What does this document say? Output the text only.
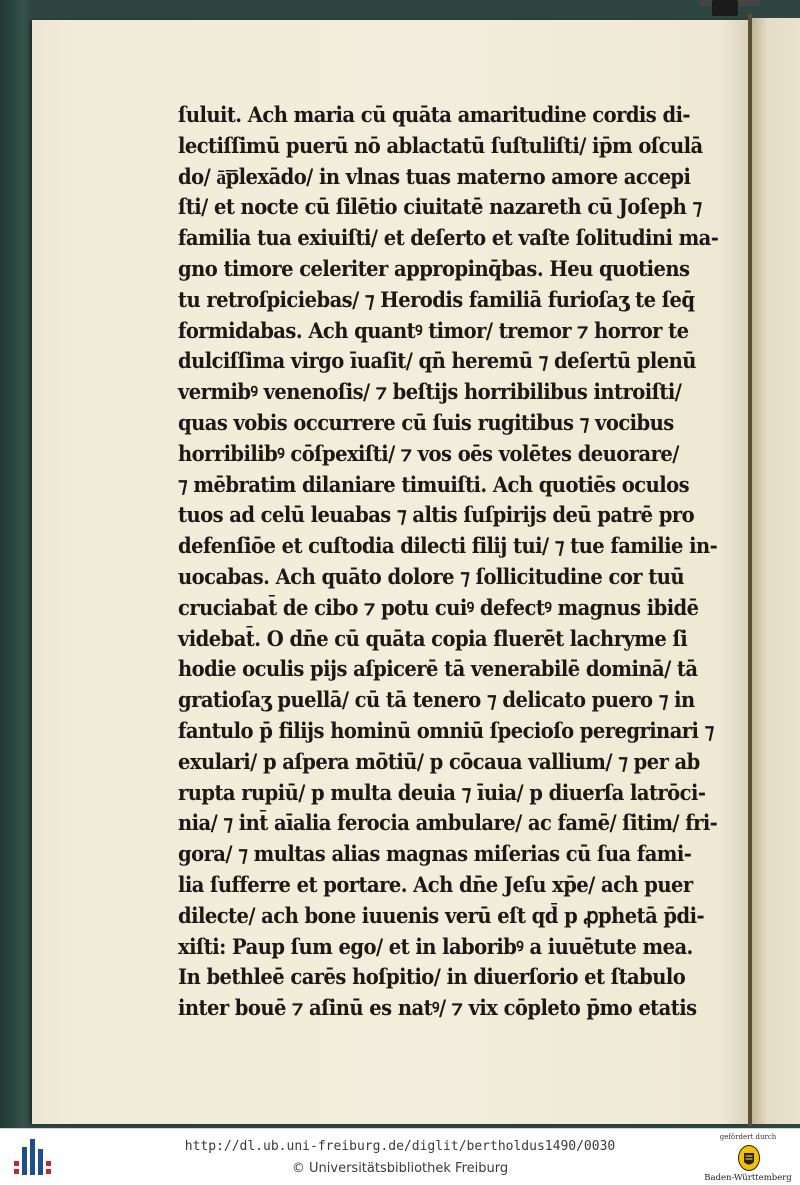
ſuluit. Ach maria cū quāta amaritudine cordis di-
lectiſſimū puerū nō ablactatū ſuſtuliſti/ ip̄m oſculā
do/ ā͞plexādo/ in vlnas tuas materno amore accepi
ſti/ et nocte cū ſilētio ciuitatē nazareth cū Joſeph ⁊
familia tua exiuiſti/ et deſerto et vaſte ſolitudini ma-
gno timore celeriter appropinq̄bas. Heu quotiens
tu retroſpiciebas/ ⁊ Herodis familiā furioſaʒ te ſeq̄
formidabas. Ach quantꝰ timor/ tremor ⁊ horror te
dulciſſima virgo īuaſit/ qn̄ heremū ⁊ deſertū plenū
vermibꝰ venenoſis/ ⁊ beſtijs horribilibus introiſti/
quas vobis occurrere cū ſuis rugitibus ⁊ vocibus
horribilibꝰ cōſpexiſti/ ⁊ vos oēs volētes deuorare/
⁊ mēbratim dilaniare timuiſti. Ach quotiēs oculos
tuos ad celū leuabas ⁊ altis ſuſpirijs deū patrē pro
defenſiōe et cuſtodia dilecti filij tui/ ⁊ tue familie in-
uocabas. Ach quāto dolore ⁊ ſollicitudine cor tuū
cruciabat̄ de cibo ⁊ potu cuiꝰ defectꝰ magnus ibidē
videbat̄. O dn̄e cū quāta copia fluerēt lachryme ſi
hodie oculis pijs aſpicerē tā venerabilē dominā/ tā
gratioſaʒ puellā/ cū tā tenero ⁊ delicato puero ⁊ in
fantulo p̄ filijs hominū omniū ſpecioſo peregrinari ⁊
exulari/ p aſpera mōtiū/ p cōcaua vallium/ ⁊ per ab
rupta rupiū/ p multa deuia ⁊ īuia/ p diuerſa latrōci-
nia/ ⁊ int̄ aīalia ferocia ambulare/ ac famē/ ſitim/ fri-
gora/ ⁊ multas alias magnas miſerias cū ſua fami-
lia ſufferre et portare. Ach dn̄e Jeſu xp̄e/ ach puer
dilecte/ ach bone iuuenis verū eſt qd̄ p ꝓphetā p̄di-
xiſti: Paup ſum ego/ et in laboribꝰ a iuuētute mea.
In bethleē carēs hoſpitio/ in diuerſorio et ſtabulo
inter bouē ⁊ aſinū es natꝰ/ ⁊ vix cōpleto p̄mo etatis
http://dl.ub.uni-freiburg.de/diglit/bertholdus1490/0030
© Universitätsbibliothek Freiburg
gefördert durch
Baden-Württemberg
